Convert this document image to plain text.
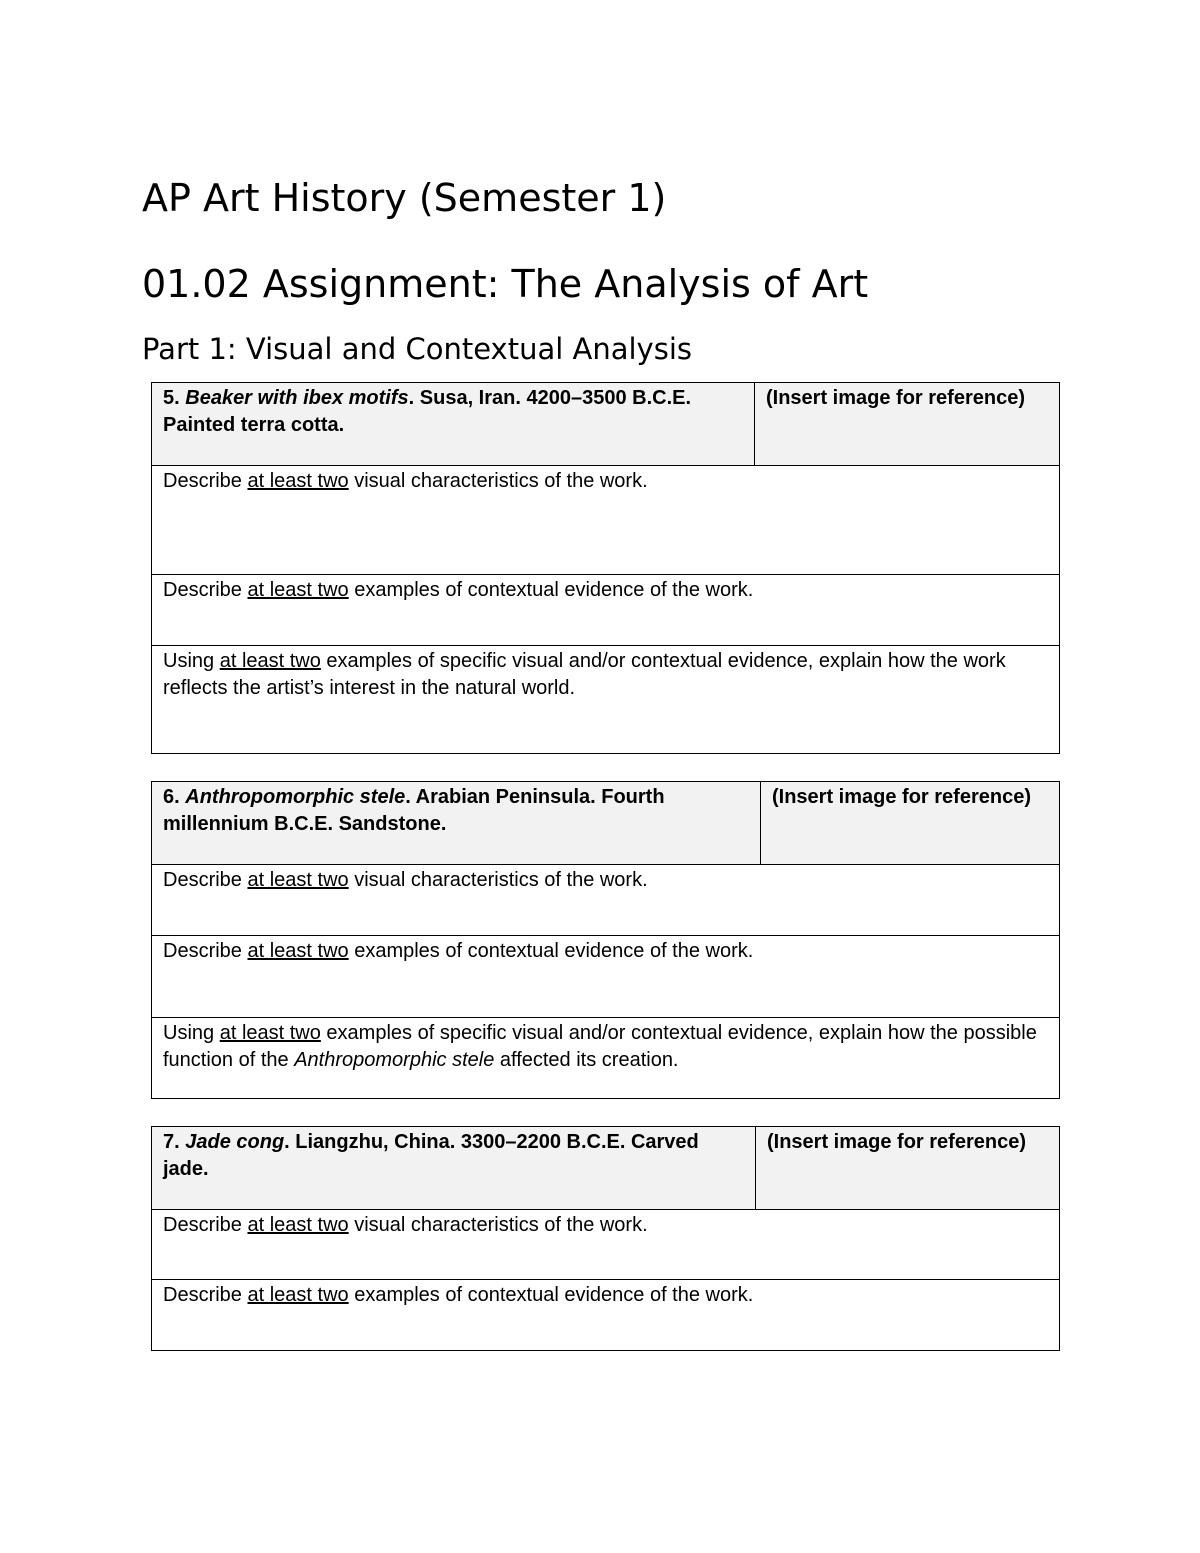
AP Art History (Semester 1)
01.02 Assignment: The Analysis of Art
Part 1: Visual and Contextual Analysis
5. Beaker with ibex motifs. Susa, Iran. 4200–3500 B.C.E. Painted terra cotta.	(Insert image for reference)
Describe at least two visual characteristics of the work.
Describe at least two examples of contextual evidence of the work.
Using at least two examples of specific visual and/or contextual evidence, explain how the work reflects the artist’s interest in the natural world.
6. Anthropomorphic stele. Arabian Peninsula. Fourth millennium B.C.E. Sandstone.	(Insert image for reference)
Describe at least two visual characteristics of the work.
Describe at least two examples of contextual evidence of the work.
Using at least two examples of specific visual and/or contextual evidence, explain how the possible function of the Anthropomorphic stele affected its creation.
7. Jade cong. Liangzhu, China. 3300–2200 B.C.E. Carved jade.	(Insert image for reference)
Describe at least two visual characteristics of the work.
Describe at least two examples of contextual evidence of the work.
